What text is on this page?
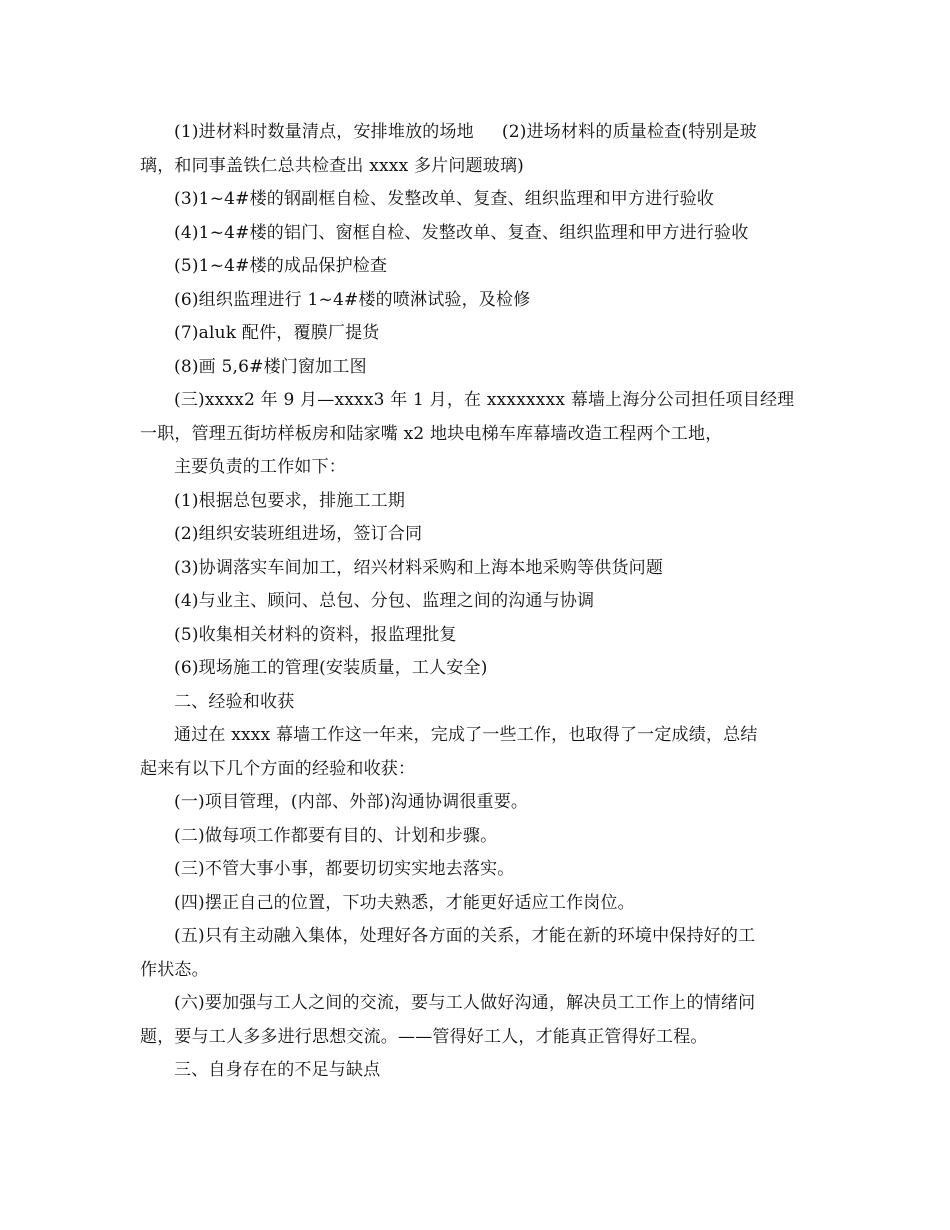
(1)进材料时数量清点，安排堆放的场地 (2)进场材料的质量检查(特别是玻
璃，和同事盖铁仁总共检查出 xxxx 多片问题玻璃)
(3)1~4#楼的钢副框自检、发整改单、复查、组织监理和甲方进行验收
(4)1~4#楼的铝门、窗框自检、发整改单、复查、组织监理和甲方进行验收
(5)1~4#楼的成品保护检查
(6)组织监理进行 1~4#楼的喷淋试验，及检修
(7)aluk 配件，覆膜厂提货
(8)画 5,6#楼门窗加工图
(三)xxxx2 年 9 月—xxxx3 年 1 月，在 xxxxxxxx 幕墙上海分公司担任项目经理
一职，管理五街坊样板房和陆家嘴 x2 地块电梯车库幕墙改造工程两个工地，
主要负责的工作如下：
(1)根据总包要求，排施工工期
(2)组织安装班组进场，签订合同
(3)协调落实车间加工，绍兴材料采购和上海本地采购等供货问题
(4)与业主、顾问、总包、分包、监理之间的沟通与协调
(5)收集相关材料的资料，报监理批复
(6)现场施工的管理(安装质量，工人安全)
二、经验和收获
通过在 xxxx 幕墙工作这一年来，完成了一些工作，也取得了一定成绩，总结
起来有以下几个方面的经验和收获：
(一)项目管理，(内部、外部)沟通协调很重要。
(二)做每项工作都要有目的、计划和步骤。
(三)不管大事小事，都要切切实实地去落实。
(四)摆正自己的位置，下功夫熟悉，才能更好适应工作岗位。
(五)只有主动融入集体，处理好各方面的关系，才能在新的环境中保持好的工
作状态。
(六)要加强与工人之间的交流，要与工人做好沟通，解决员工工作上的情绪问
题，要与工人多多进行思想交流。——管得好工人，才能真正管得好工程。
三、自身存在的不足与缺点
